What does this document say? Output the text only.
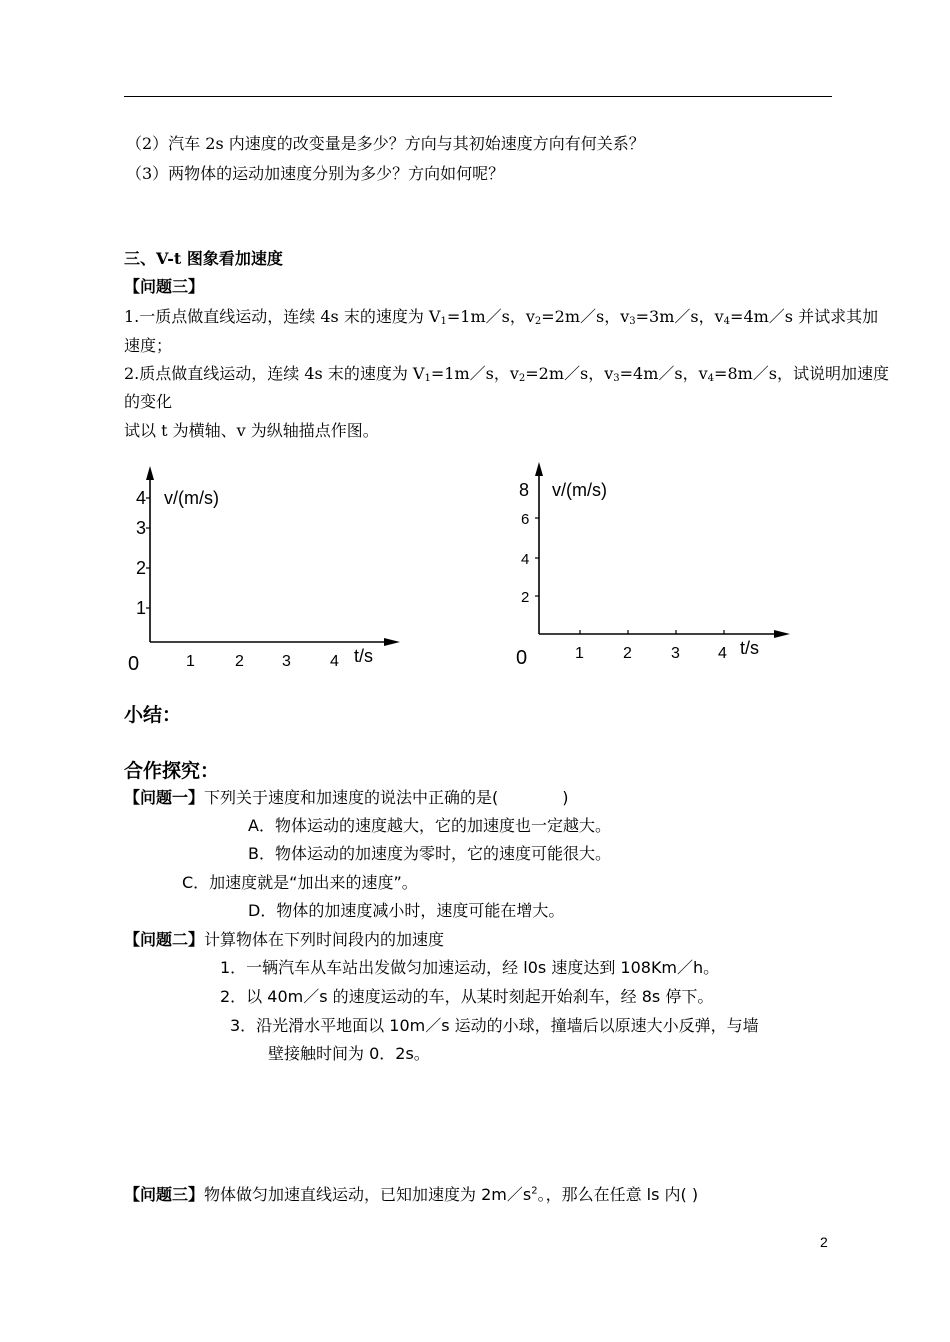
（2）汽车 2s 内速度的改变量是多少？方向与其初始速度方向有何关系？
（3）两物体的运动加速度分别为多少？方向如何呢？
三、V-t 图象看加速度
【问题三】
1.一质点做直线运动，连续 4s 末的速度为 $V_1=1m/s$，$v_2=2m/s$，$v_3=3m/s$，$v_4=4m/s$ 并试求其加
速度；
2.质点做直线运动，连续 4s 末的速度为 $V_1=1m/s$，$v_2=2m/s$，$v_3=4m/s$，$v_4=8m/s$，试说明加速度
的变化
试以 t 为横轴、v 为纵轴描点作图。
4
3
2
1
v/(m/s)
0	1	2 3 4 t/s
8
6
4
2
v/(m/s)
0	1 2 3 4 t/s
小结：
合作探究：
【问题一】下列关于速度和加速度的说法中正确的是(　　　　)
A．物体运动的速度越大，它的加速度也一定越大。
B．物体运动的加速度为零时，它的速度可能很大。
C．加速度就是“加出来的速度”。
D．物体的加速度减小时，速度可能在增大。
【问题二】计算物体在下列时间段内的加速度
1．一辆汽车从车站出发做匀加速运动，经 l0s 速度达到 108Km／h。
2．以 40m／s 的速度运动的车，从某时刻起开始刹车，经 8s 停下。
3．沿光滑水平地面以 10m／s 运动的小球，撞墙后以原速大小反弹，与墙
壁接触时间为 0．2s。
【问题三】物体做匀加速直线运动，已知加速度为 $2m/s^2$。，那么在任意 ls 内( )
2
